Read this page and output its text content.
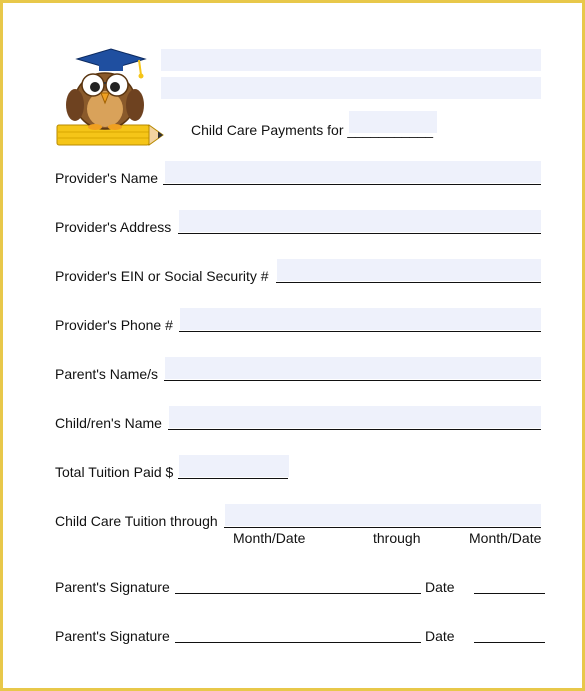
Child Care Payments for ___________
Provider's Name
Provider's Address
Provider's EIN or Social Security #
Provider's Phone #
Parent's Name/s
Child/ren's Name
Total Tuition Paid $
Child Care Tuition through
Month/Date	through	Month/Date
Parent's Signature	Date
Parent's Signature	Date
